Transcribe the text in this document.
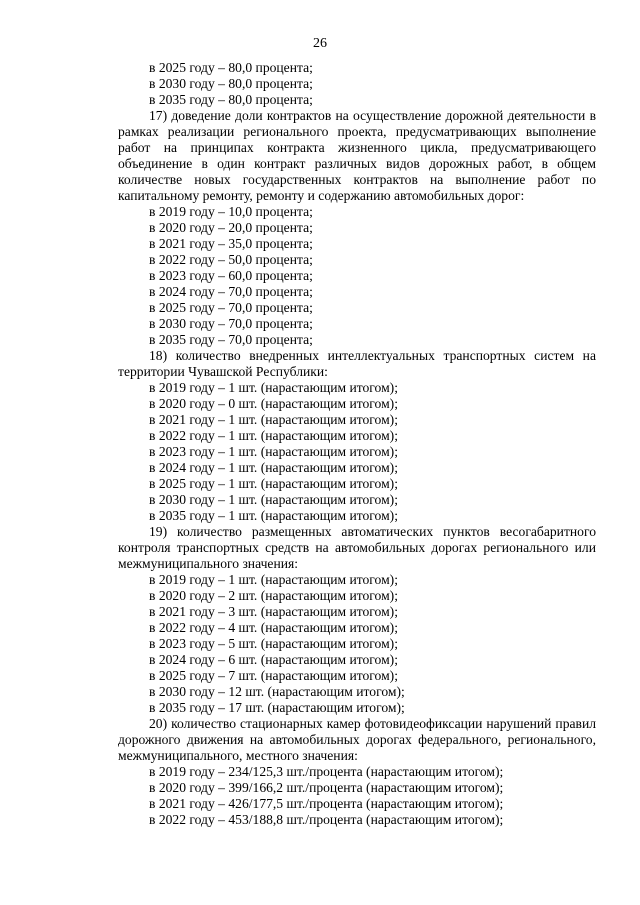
26
в 2025 году – 80,0 процента;
в 2030 году – 80,0 процента;
в 2035 году – 80,0 процента;
17) доведение доли контрактов на осуществление дорожной деятельности в рамках реализации регионального проекта, предусматривающих выполнение работ на принципах контракта жизненного цикла, предусматривающего объединение в один контракт различных видов дорожных работ, в общем количестве новых государственных контрактов на выполнение работ по капитальному ремонту, ремонту и содержанию автомобильных дорог:
в 2019 году – 10,0 процента;
в 2020 году – 20,0 процента;
в 2021 году – 35,0 процента;
в 2022 году – 50,0 процента;
в 2023 году – 60,0 процента;
в 2024 году – 70,0 процента;
в 2025 году – 70,0 процента;
в 2030 году – 70,0 процента;
в 2035 году – 70,0 процента;
18) количество внедренных интеллектуальных транспортных систем на территории Чувашской Республики:
в 2019 году – 1 шт. (нарастающим итогом);
в 2020 году – 0 шт. (нарастающим итогом);
в 2021 году – 1 шт. (нарастающим итогом);
в 2022 году – 1 шт. (нарастающим итогом);
в 2023 году – 1 шт. (нарастающим итогом);
в 2024 году – 1 шт. (нарастающим итогом);
в 2025 году – 1 шт. (нарастающим итогом);
в 2030 году – 1 шт. (нарастающим итогом);
в 2035 году – 1 шт. (нарастающим итогом);
19) количество размещенных автоматических пунктов весогабаритного контроля транспортных средств на автомобильных дорогах регионального или межмуниципального значения:
в 2019 году – 1 шт. (нарастающим итогом);
в 2020 году – 2 шт. (нарастающим итогом);
в 2021 году – 3 шт. (нарастающим итогом);
в 2022 году – 4 шт. (нарастающим итогом);
в 2023 году – 5 шт. (нарастающим итогом);
в 2024 году – 6 шт. (нарастающим итогом);
в 2025 году – 7 шт. (нарастающим итогом);
в 2030 году – 12 шт. (нарастающим итогом);
в 2035 году – 17 шт. (нарастающим итогом);
20) количество стационарных камер фотовидеофиксации нарушений правил дорожного движения на автомобильных дорогах федерального, регионального, межмуниципального, местного значения:
в 2019 году – 234/125,3 шт./процента (нарастающим итогом);
в 2020 году – 399/166,2 шт./процента (нарастающим итогом);
в 2021 году – 426/177,5 шт./процента (нарастающим итогом);
в 2022 году – 453/188,8 шт./процента (нарастающим итогом);
